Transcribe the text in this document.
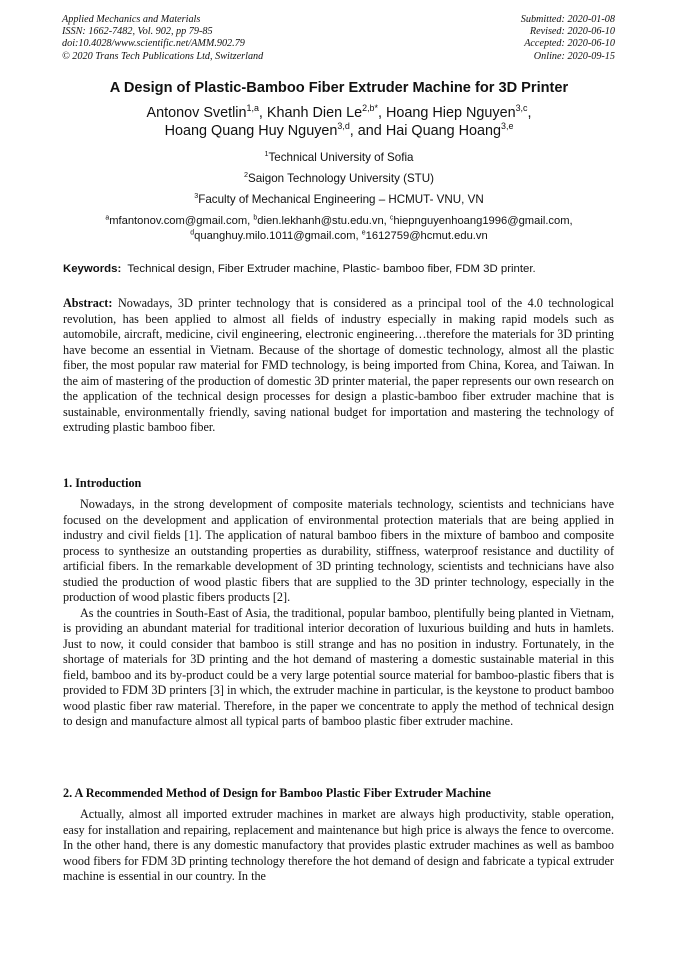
Applied Mechanics and Materials
ISSN: 1662-7482, Vol. 902, pp 79-85
doi:10.4028/www.scientific.net/AMM.902.79
© 2020 Trans Tech Publications Ltd, Switzerland
Submitted: 2020-01-08
Revised: 2020-06-10
Accepted: 2020-06-10
Online: 2020-09-15
A Design of Plastic-Bamboo Fiber Extruder Machine for 3D Printer
Antonov Svetlin$^{1,a}$, Khanh Dien $Le^{2,b*}$, Hoang Hiep Nguyen$^{3,c}$,
Hoang Quang Huy Nguyen$^{3,d}$, and Hai Quang Hoang$^{3,e}$
$^1$Technical University of Sofia
$^2$Saigon Technology University (STU)
$^3$Faculty of Mechanical Engineering – HCMUT- VNU, VN
$^a$mfantonov.com@gmail.com, $^b$dien.lekhanh@stu.edu.vn, $^c$hiepnguyenhoang1996@gmail.com,
$^d$quanghuy.milo.1011@gmail.com, $^e$1612759@hcmut.edu.vn
Keywords: Technical design, Fiber Extruder machine, Plastic- bamboo fiber, FDM 3D printer.

Abstract: Nowadays, 3D printer technology that is considered as a principal tool of the 4.0 technological revolution, has been applied to almost all fields of industry especially in making rapid models such as automobile, aircraft, medicine, civil engineering, electronic engineering…therefore the materials for 3D printing have become an essential in Vietnam. Because of the shortage of domestic technology, almost all the plastic fiber, the most popular raw material for FMD technology, is being imported from China, Korea, and Taiwan. In the aim of mastering of the production of domestic 3D printer material, the paper represents our own research on the application of the technical design processes for design a plastic-bamboo fiber extruder machine that is sustainable, environmentally friendly, saving national budget for importation and mastering the technology of extruding plastic bamboo fiber.

1. Introduction

Nowadays, in the strong development of composite materials technology, scientists and technicians have focused on the development and application of environmental protection materials that are being applied in industry and civil fields [1]. The application of natural bamboo fibers in the mixture of bamboo and composite process to synthesize an outstanding properties as durability, stiffness, waterproof resistance and ductility of artificial fibers. In the remarkable development of 3D printing technology, scientists and technicians have also studied the production of wood plastic fibers that are supplied to the 3D printer technology, especially in the production of wood plastic fibers products [2].

As the countries in South-East of Asia, the traditional, popular bamboo, plentifully being planted in Vietnam, is providing an abundant material for traditional interior decoration of luxurious building and huts in hamlets. Just to now, it could consider that bamboo is still strange and has no position in industry. Fortunately, in the shortage of materials for 3D printing and the hot demand of mastering a domestic sustainable material in this field, bamboo and its by-product could be a very large potential source material for bamboo-plastic fibers that is provided to FDM 3D printers [3] in which, the extruder machine in particular, is the keystone to product bamboo wood plastic fiber raw material. Therefore, in the paper we concentrate to apply the method of technical design to design and manufacture almost all typical parts of bamboo plastic fiber extruder machine.

2. A Recommended Method of Design for Bamboo Plastic Fiber Extruder Machine

Actually, almost all imported extruder machines in market are always high productivity, stable operation, easy for installation and repairing, replacement and maintenance but high price is always the fence to overcome. In the other hand, there is any domestic manufactory that provides plastic extruder machines as well as bamboo wood fibers for FDM 3D printing technology therefore the hot demand of design and fabricate a typical extruder machine is essential in our country. In the
